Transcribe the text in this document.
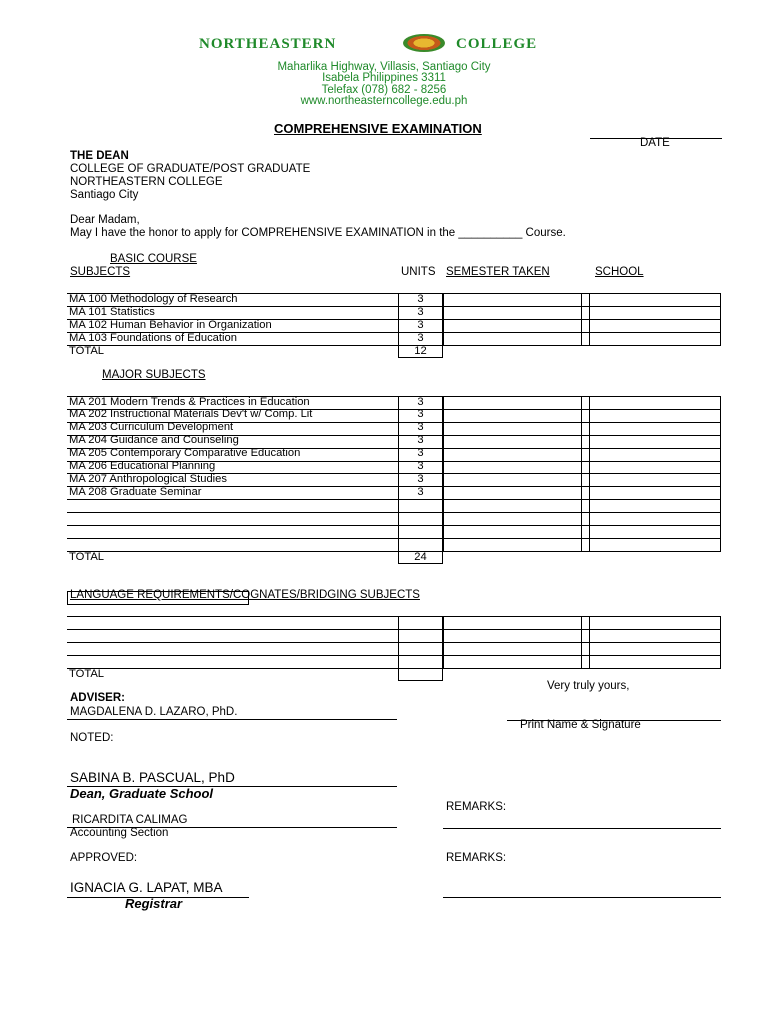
NORTHEASTERN	COLLEGE
Maharlika Highway, Villasis, Santiago City
Isabela Philippines 3311
Telefax (078) 682 - 8256
www.northeasterncollege.edu.ph
COMPREHENSIVE EXAMINATION
DATE
THE DEAN
COLLEGE OF GRADUATE/POST GRADUATE
NORTHEASTERN COLLEGE
Santiago City
Dear Madam,
May I have the honor to apply for COMPREHENSIVE EXAMINATION in the __________ Course.
BASIC COURSE
SUBJECTS	UNITS SEMESTER TAKEN	SCHOOL
MA 100 Methodology of Research	3
MA 101 Statistics	3
MA 102 Human Behavior in Organization	3
MA 103 Foundations of Education	3
TOTAL	12
MAJOR SUBJECTS
MA 201 Modern Trends & Practices in Education	3
MA 202 Instructional Materials Dev't w/ Comp. Lit	3
MA 203 Curriculum Development	3
MA 204 Guidance and Counseling	3
MA 205 Contemporary Comparative Education	3
MA 206 Educational Planning	3
MA 207 Anthropological Studies	3
MA 208 Graduate Seminar	3
TOTAL	24
LANGUAGE REQUIREMENTS/COGNATES/BRIDGING SUBJECTS
TOTAL
Very truly yours,
Print Name & Signature
ADVISER:
MAGDALENA D. LAZARO, PhD.
NOTED:
SABINA B. PASCUAL, PhD
Dean, Graduate School
REMARKS:
RICARDITA CALIMAG
Accounting Section
APPROVED:	REMARKS:
IGNACIA G. LAPAT, MBA
Registrar
